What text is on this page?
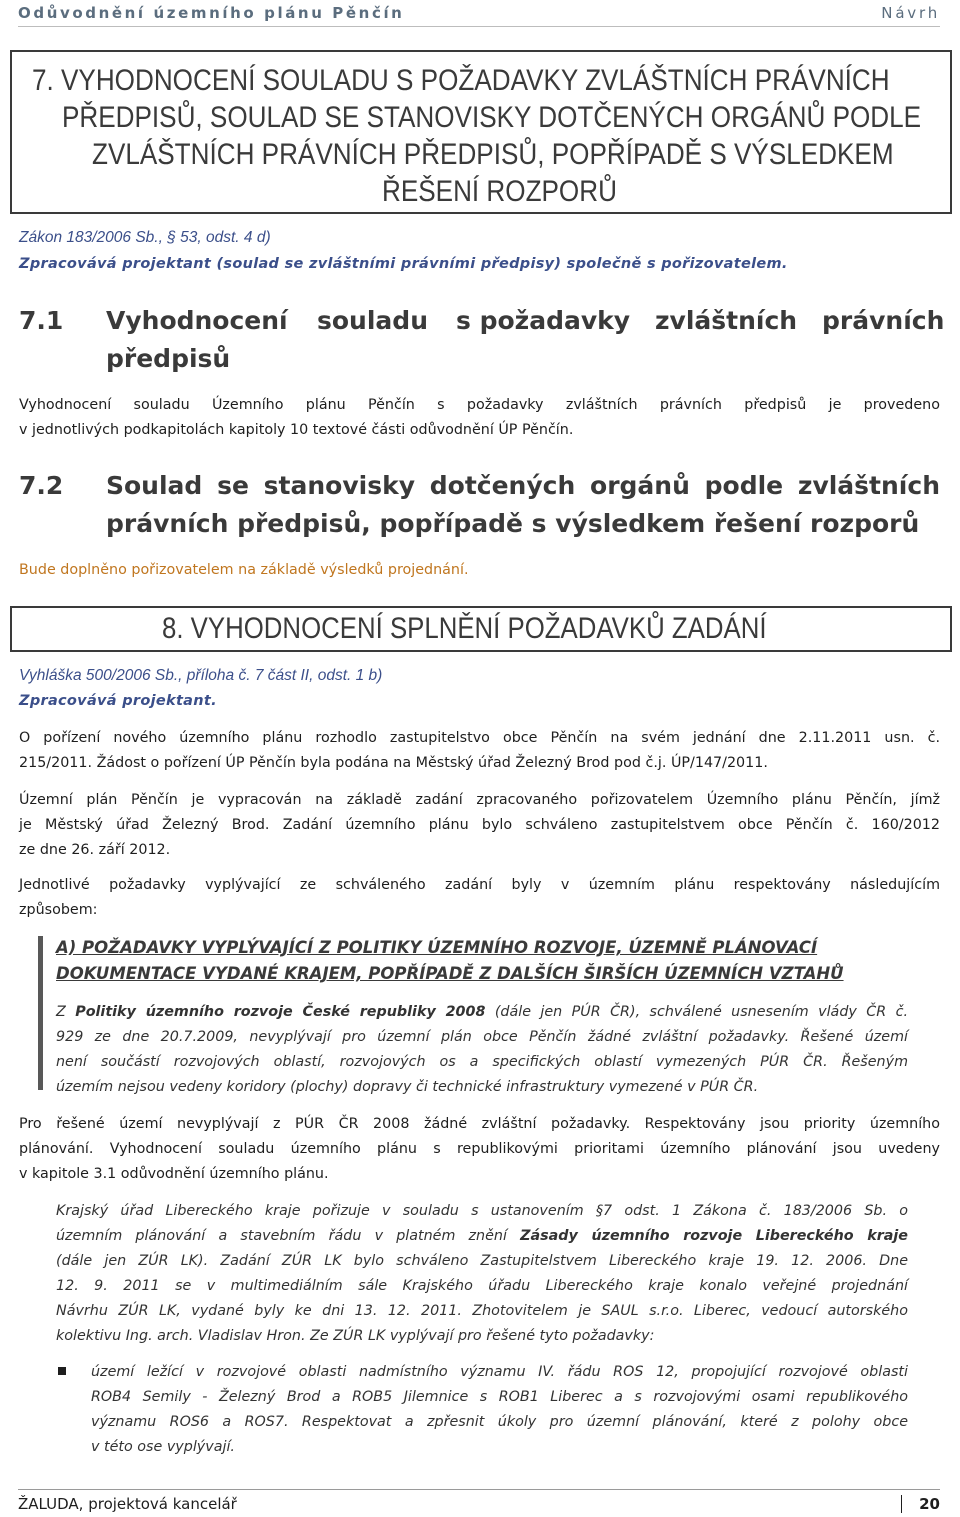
Odůvodnění územního plánu Pěnčín	Návrh
7. VYHODNOCENÍ SOULADU S POŽADAVKY ZVLÁŠTNÍCH PRÁVNÍCH
PŘEDPISŮ, SOULAD SE STANOVISKY DOTČENÝCH ORGÁNŮ PODLE
ZVLÁŠTNÍCH PRÁVNÍCH PŘEDPISŮ, POPŘÍPADĚ S VÝSLEDKEM
ŘEŠENÍ ROZPORŮ
Zákon 183/2006 Sb., § 53, odst. 4 d)
Zpracovává projektant (soulad se zvláštními právními předpisy) společně s pořizovatelem.
7.1 Vyhodnocení souladu s požadavky zvláštních právních
předpisů
Vyhodnocení souladu Územního plánu Pěnčín s požadavky zvláštních právních předpisů je provedeno
v jednotlivých podkapitolách kapitoly 10 textové části odůvodnění ÚP Pěnčín.
7.2 Soulad se stanovisky dotčených orgánů podle zvláštních
právních předpisů, popřípadě s výsledkem řešení rozporů
Bude doplněno pořizovatelem na základě výsledků projednání.
8. VYHODNOCENÍ SPLNĚNÍ POŽADAVKŮ ZADÁNÍ
Vyhláška 500/2006 Sb., příloha č. 7 část II, odst. 1 b)
Zpracovává projektant.
O pořízení nového územního plánu rozhodlo zastupitelstvo obce Pěnčín na svém jednání dne 2.11.2011 usn. č.
215/2011. Žádost o pořízení ÚP Pěnčín byla podána na Městský úřad Železný Brod pod č.j. ÚP/147/2011.
Územní plán Pěnčín je vypracován na základě zadání zpracovaného pořizovatelem Územního plánu Pěnčín, jímž
je Městský úřad Železný Brod. Zadání územního plánu bylo schváleno zastupitelstvem obce Pěnčín č. 160/2012
ze dne 26. září 2012.
Jednotlivé požadavky vyplývající ze schváleného zadání byly v územním plánu respektovány následujícím
způsobem:
A) POŽADAVKY VYPLÝVAJÍCÍ Z POLITIKY ÚZEMNÍHO ROZVOJE, ÚZEMNĚ PLÁNOVACÍ
DOKUMENTACE VYDANÉ KRAJEM, POPŘÍPADĚ Z DALŠÍCH ŠIRŠÍCH ÚZEMNÍCH VZTAHŮ
Z Politiky územního rozvoje České republiky 2008 (dále jen PÚR ČR), schválené usnesením vlády ČR č.
929 ze dne 20.7.2009, nevyplývají pro územní plán obce Pěnčín žádné zvláštní požadavky. Řešené území
není součástí rozvojových oblastí, rozvojových os a specifických oblastí vymezených PÚR ČR. Řešeným
územím nejsou vedeny koridory (plochy) dopravy či technické infrastruktury vymezené v PÚR ČR.
Pro řešené území nevyplývají z PÚR ČR 2008 žádné zvláštní požadavky. Respektovány jsou priority územního
plánování. Vyhodnocení souladu územního plánu s republikovými prioritami územního plánování jsou uvedeny
v kapitole 3.1 odůvodnění územního plánu.
Krajský úřad Libereckého kraje pořizuje v souladu s ustanovením §7 odst. 1 Zákona č. 183/2006 Sb. o
územním plánování a stavebním řádu v platném znění Zásady územního rozvoje Libereckého kraje
(dále jen ZÚR LK). Zadání ZÚR LK bylo schváleno Zastupitelstvem Libereckého kraje 19. 12. 2006. Dne
12. 9. 2011 se v multimediálním sále Krajského úřadu Libereckého kraje konalo veřejné projednání
Návrhu ZÚR LK, vydané byly ke dni 13. 12. 2011. Zhotovitelem je SAUL s.r.o. Liberec, vedoucí autorského
kolektivu Ing. arch. Vladislav Hron. Ze ZÚR LK vyplývají pro řešené tyto požadavky:
území ležící v rozvojové oblasti nadmístního významu IV. řádu ROS 12, propojující rozvojové oblasti
ROB4 Semily - Železný Brod a ROB5 Jilemnice s ROB1 Liberec a s rozvojovými osami republikového
významu ROS6 a ROS7. Respektovat a zpřesnit úkoly pro územní plánování, které z polohy obce
v této ose vyplývají.
ŽALUDA, projektová kancelář	20
